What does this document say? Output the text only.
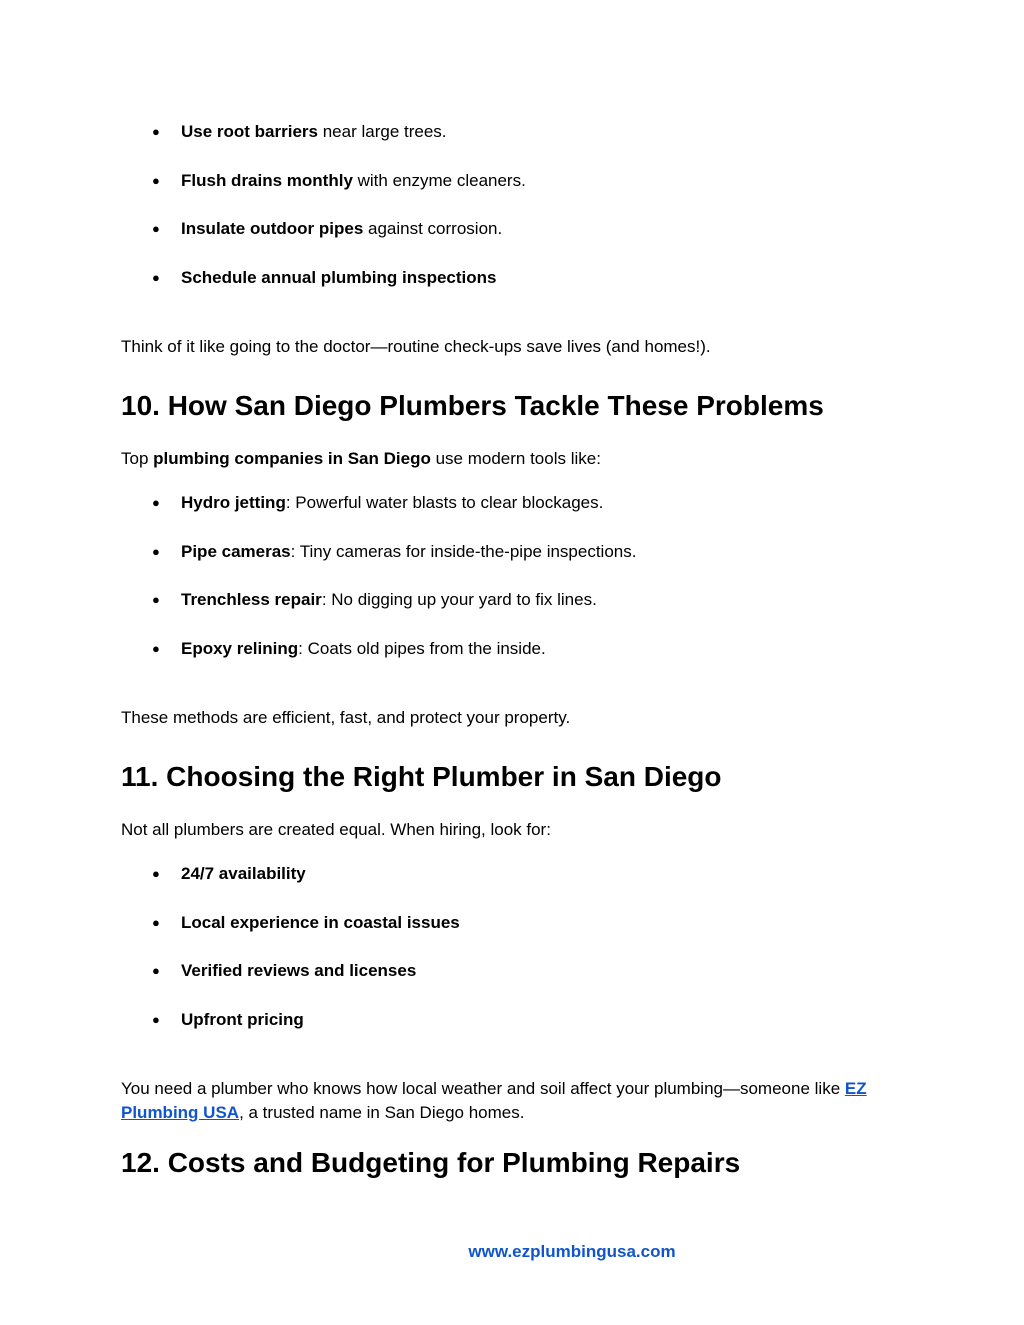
● Use root barriers near large trees.
● Flush drains monthly with enzyme cleaners.
● Insulate outdoor pipes against corrosion.
● Schedule annual plumbing inspections

Think of it like going to the doctor—routine check-ups save lives (and homes!).

10. How San Diego Plumbers Tackle These Problems

Top plumbing companies in San Diego use modern tools like:

● Hydro jetting: Powerful water blasts to clear blockages.
● Pipe cameras: Tiny cameras for inside-the-pipe inspections.
● Trenchless repair: No digging up your yard to fix lines.
● Epoxy relining: Coats old pipes from the inside.

These methods are efficient, fast, and protect your property.

11. Choosing the Right Plumber in San Diego

Not all plumbers are created equal. When hiring, look for:

● 24/7 availability
● Local experience in coastal issues
● Verified reviews and licenses
● Upfront pricing

You need a plumber who knows how local weather and soil affect your plumbing—someone like EZ Plumbing USA, a trusted name in San Diego homes.

12. Costs and Budgeting for Plumbing Repairs
www.ezplumbingusa.com
